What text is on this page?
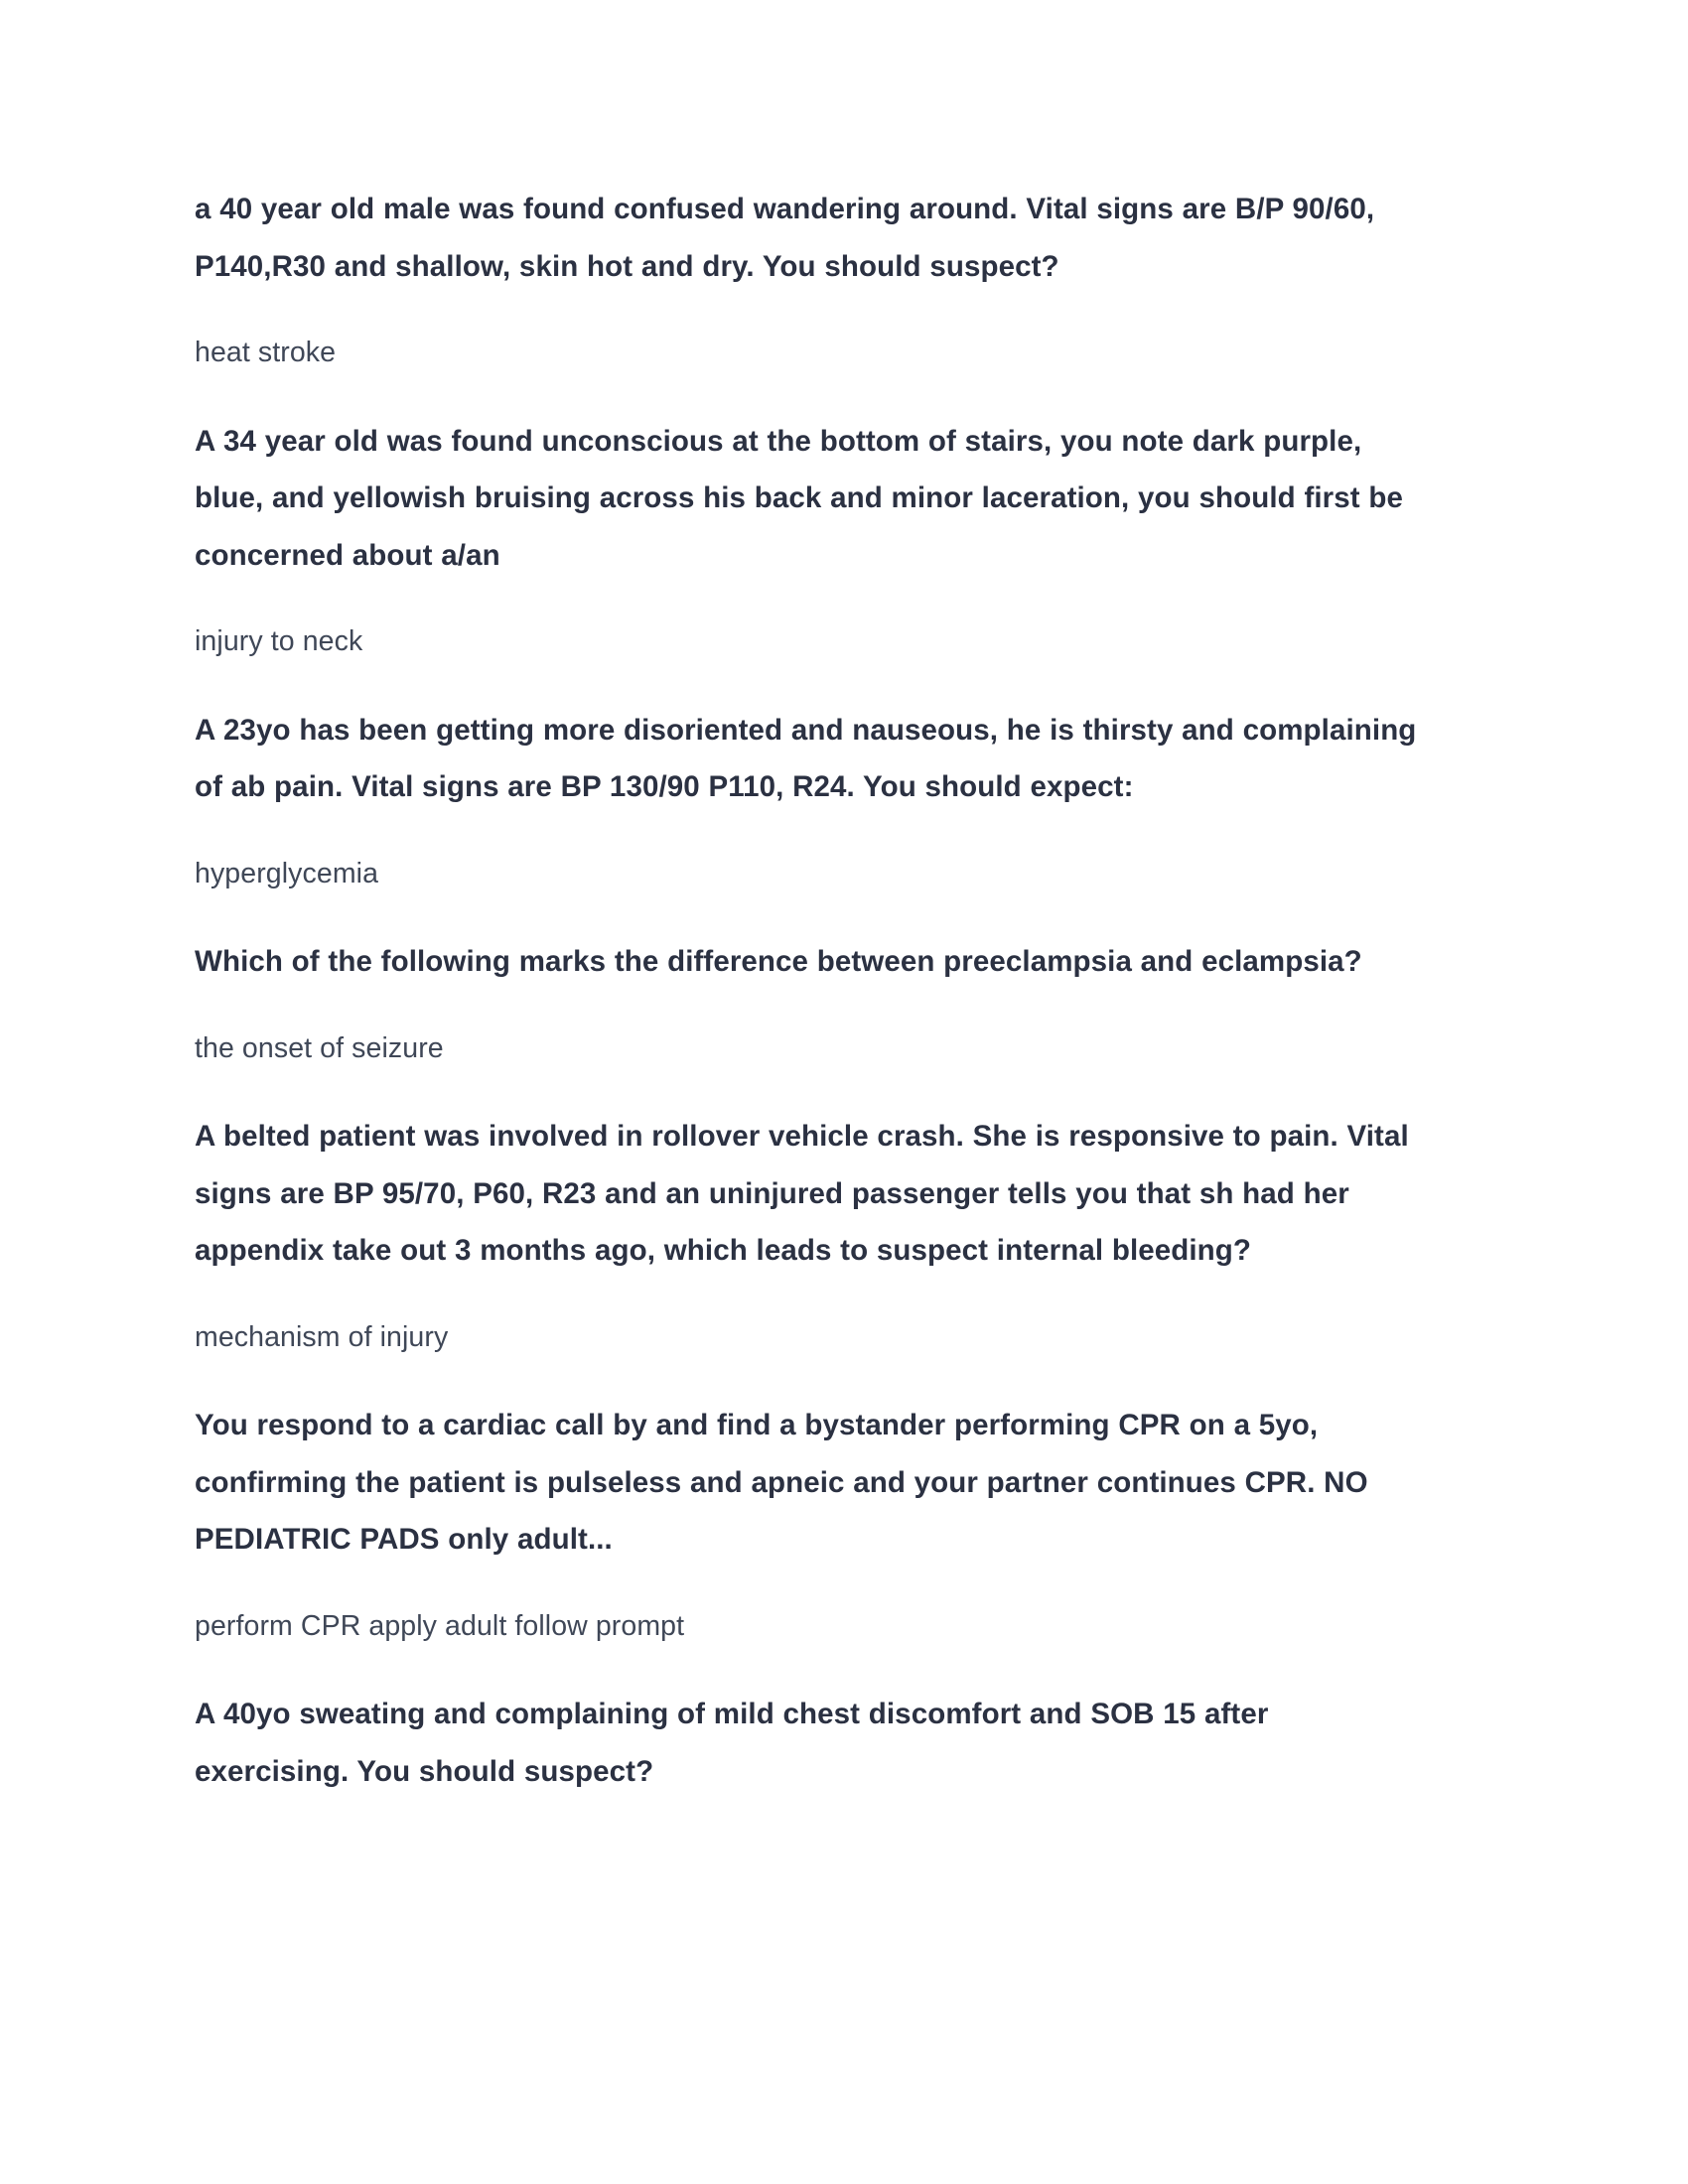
a 40 year old male was found confused wandering around. Vital signs are B/P 90/60, P140,R30 and shallow, skin hot and dry. You should suspect?

heat stroke

A 34 year old was found unconscious at the bottom of stairs, you note dark purple, blue, and yellowish bruising across his back and minor laceration, you should first be concerned about a/an

injury to neck

A 23yo has been getting more disoriented and nauseous, he is thirsty and complaining of ab pain. Vital signs are BP 130/90 P110, R24. You should expect:

hyperglycemia

Which of the following marks the difference between preeclampsia and eclampsia?

the onset of seizure

A belted patient was involved in rollover vehicle crash. She is responsive to pain. Vital signs are BP 95/70, P60, R23 and an uninjured passenger tells you that sh had her appendix take out 3 months ago, which leads to suspect internal bleeding?

mechanism of injury

You respond to a cardiac call by and find a bystander performing CPR on a 5yo, confirming the patient is pulseless and apneic and your partner continues CPR. NO PEDIATRIC PADS only adult...

perform CPR apply adult follow prompt

A 40yo sweating and complaining of mild chest discomfort and SOB 15 after exercising. You should suspect?
